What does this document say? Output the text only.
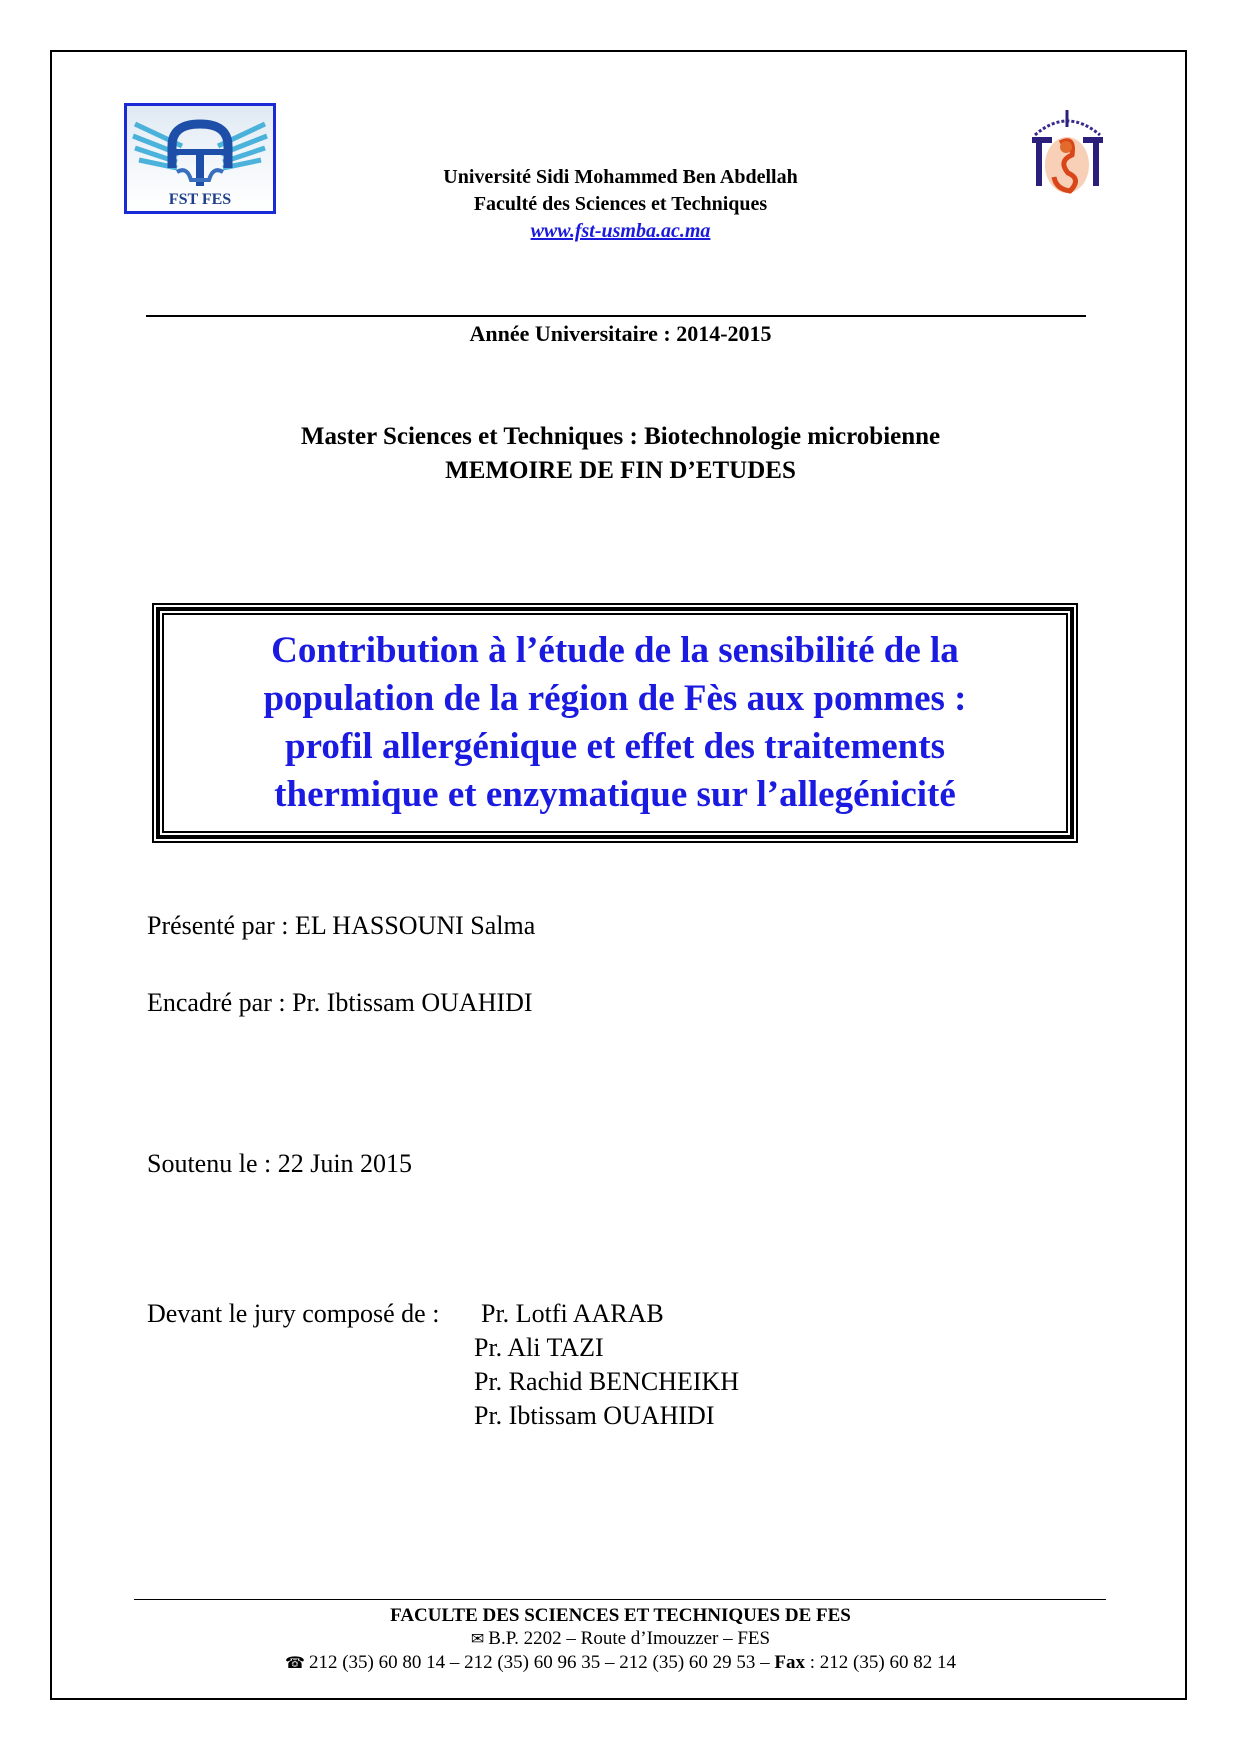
FST FES
Université Sidi Mohammed Ben Abdellah
Faculté des Sciences et Techniques
www.fst-usmba.ac.ma
Année Universitaire : 2014-2015
Master Sciences et Techniques : Biotechnologie microbienne
MEMOIRE DE FIN D’ETUDES
Contribution à l’étude de la sensibilité de la
population de la région de Fès aux pommes :
profil allergénique et effet des traitements
thermique et enzymatique sur l’allegénicité
Présenté par : EL HASSOUNI Salma
Encadré par : Pr. Ibtissam OUAHIDI
Soutenu le : 22 Juin 2015
Devant le jury composé de : Pr. Lotfi AARAB
Pr. Ali TAZI
Pr. Rachid BENCHEIKH
Pr. Ibtissam OUAHIDI
FACULTE DES SCIENCES ET TECHNIQUES DE FES
✉ B.P. 2202 – Route d’Imouzzer – FES
☎ 212 (35) 60 80 14 – 212 (35) 60 96 35 – 212 (35) 60 29 53 – Fax : 212 (35) 60 82 14
